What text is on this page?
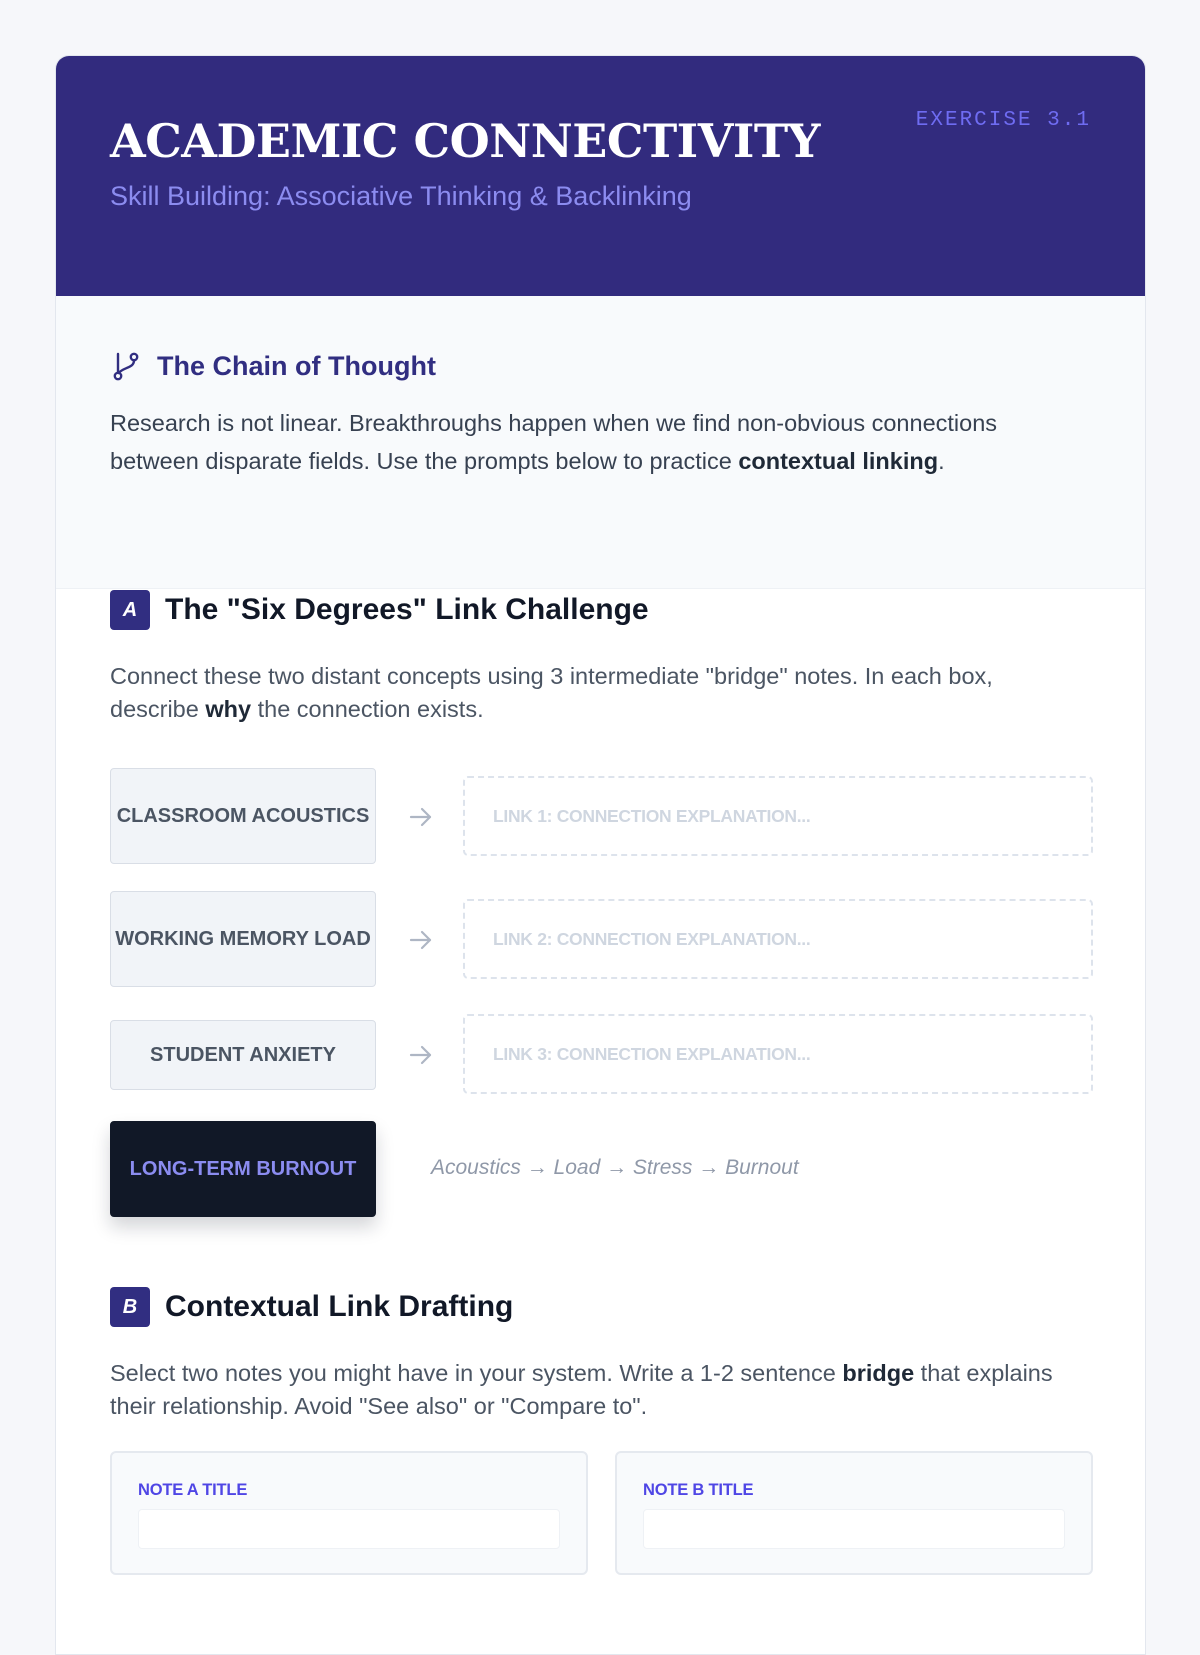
ACADEMIC CONNECTIVITY
Skill Building: Associative Thinking & Backlinking
EXERCISE 3.1
The Chain of Thought

Research is not linear. Breakthroughs happen when we find non-obvious connections between disparate fields. Use the prompts below to practice contextual linking.

A The "Six Degrees" Link Challenge

Connect these two distant concepts using 3 intermediate "bridge" notes. In each box, describe why the connection exists.

CLASSROOM ACOUSTICS
LINK 1: CONNECTION EXPLANATION...
WORKING MEMORY LOAD
LINK 2: CONNECTION EXPLANATION...
STUDENT ANXIETY
LINK 3: CONNECTION EXPLANATION...
LONG-TERM BURNOUT	Acoustics → Load → Stress → Burnout
B Contextual Link Drafting

Select two notes you might have in your system. Write a 1-2 sentence bridge that explains their relationship. Avoid "See also" or "Compare to".

NOTE A TITLE	NOTE B TITLE
